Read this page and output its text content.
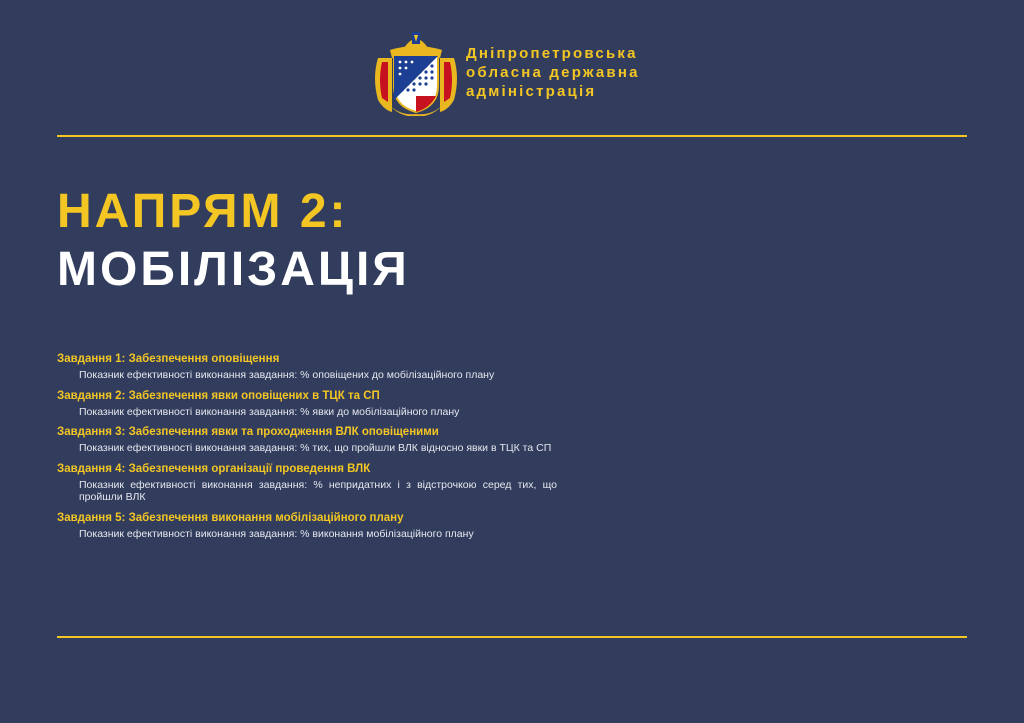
Дніпропетровська
обласна державна
адміністрація
НАПРЯМ 2:
МОБІЛІЗАЦІЯ
Завдання 1: Забезпечення оповіщення
Показник ефективності виконання завдання: % оповіщених до мобілізаційного плану
Завдання 2: Забезпечення явки оповіщених в ТЦК та СП
Показник ефективності виконання завдання: % явки до мобілізаційного плану
Завдання 3: Забезпечення явки та проходження ВЛК оповіщеними
Показник ефективності виконання завдання: % тих, що пройшли ВЛК відносно явки в ТЦК та СП
Завдання 4: Забезпечення організації проведення ВЛК
Показник ефективності виконання завдання: % непридатних і з відстрочкою серед тих, що пройшли ВЛК
Завдання 5: Забезпечення виконання мобілізаційного плану
Показник ефективності виконання завдання: % виконання мобілізаційного плану
